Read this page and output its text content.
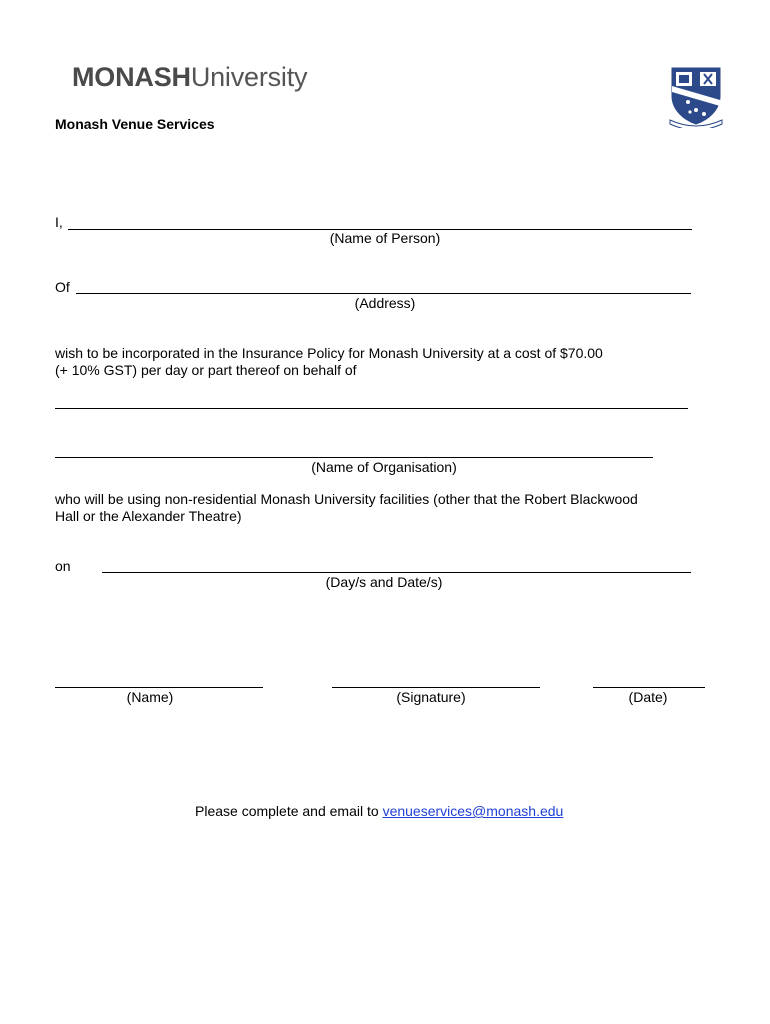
MONASHUniversity
Monash Venue Services
I,
(Name of Person)
Of
(Address)
wish to be incorporated in the Insurance Policy for Monash University at a cost of $70.00
(+ 10% GST) per day or part thereof on behalf of
(Name of Organisation)
who will be using non-residential Monash University facilities (other that the Robert Blackwood
Hall or the Alexander Theatre)
on
(Day/s and Date/s)
(Name)	(Signature)	(Date)
Please complete and email to venueservices@monash.edu
